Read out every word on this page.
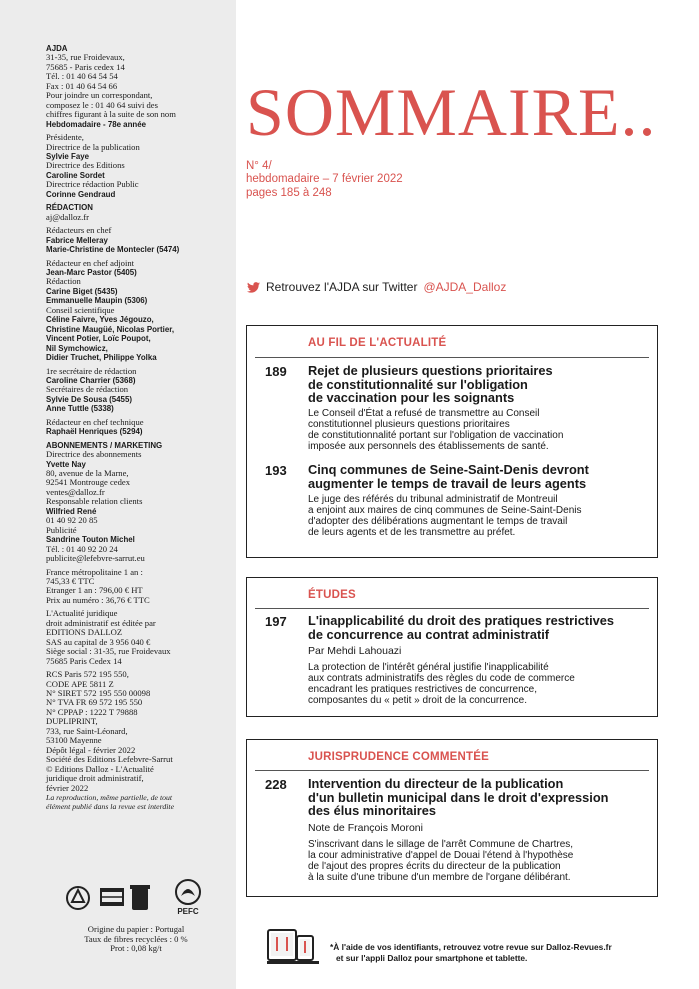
AJDA
31-35, rue Froidevaux,
75685 - Paris cedex 14
Tél. : 01 40 64 54 54
Fax : 01 40 64 54 66
Pour joindre un correspondant,
composez le : 01 40 64 suivi des
chiffres figurant à la suite de son nom
Hebdomadaire - 78e année
Présidente,
Directrice de la publication
Sylvie Faye
Directrice des Editions
Caroline Sordet
Directrice rédaction Public
Corinne Gendraud
RÉDACTION
aj@dalloz.fr
Rédacteurs en chef
Fabrice Melleray
Marie-Christine de Montecler (5474)
Rédacteur en chef adjoint
Jean-Marc Pastor (5405)
Rédaction
Carine Biget (5435)
Emmanuelle Maupin (5306)
Conseil scientifique
Céline Faivre, Yves Jégouzo,
Christine Maugüé, Nicolas Portier,
Vincent Potier, Loïc Poupot,
Nil Symchowicz,
Didier Truchet, Philippe Yolka
1re secrétaire de rédaction
Caroline Charrier (5368)
Secrétaires de rédaction
Sylvie De Sousa (5455)
Anne Tuttle (5338)
Rédacteur en chef technique
Raphaël Henriques (5294)
ABONNEMENTS / MARKETING
Directrice des abonnements
Yvette Nay
80, avenue de la Marne,
92541 Montrouge cedex
ventes@dalloz.fr
Responsable relation clients
Wilfried René
01 40 92 20 85
Publicité
Sandrine Touton Michel
Tél. : 01 40 92 20 24
publicite@lefebvre-sarrut.eu
France métropolitaine 1 an :
745,33 € TTC
Etranger 1 an : 796,00 € HT
Prix au numéro : 36,76 € TTC
L'Actualité juridique
droit administratif est éditée par
EDITIONS DALLOZ
SAS au capital de 3 956 040 €
Siège social : 31-35, rue Froidevaux
75685 Paris Cedex 14
RCS Paris 572 195 550,
CODE APE 5811 Z
N° SIRET 572 195 550 00098
N° TVA FR 69 572 195 550
N° CPPAP : 1222 T 79888
DUPLIPRINT,
733, rue Saint-Léonard,
53100 Mayenne
Dépôt légal - février 2022
Société des Editions Lefebvre-Sarrut
© Editions Dalloz - L'Actualité
juridique droit administratif,
février 2022
La reproduction, même partielle, de tout
élément publié dans la revue est interdite
PEFC
Origine du papier : Portugal
Taux de fibres recyclées : 0 %
Prot : 0,08 kg/t
SOMMAIRE..
N° 4/
hebdomadaire – 7 février 2022
pages 185 à 248
Retrouvez l'AJDA sur Twitter @AJDA_Dalloz
AU FIL DE L'ACTUALITÉ
189 Rejet de plusieurs questions prioritaires
de constitutionnalité sur l'obligation
de vaccination pour les soignants
Le Conseil d'État a refusé de transmettre au Conseil
constitutionnel plusieurs questions prioritaires
de constitutionnalité portant sur l'obligation de vaccination
imposée aux personnels des établissements de santé.
193 Cinq communes de Seine-Saint-Denis devront
augmenter le temps de travail de leurs agents
Le juge des référés du tribunal administratif de Montreuil
a enjoint aux maires de cinq communes de Seine-Saint-Denis
d'adopter des délibérations augmentant le temps de travail
de leurs agents et de les transmettre au préfet.
ÉTUDES
197 L'inapplicabilité du droit des pratiques restrictives
de concurrence au contrat administratif
Par Mehdi Lahouazi
La protection de l'intérêt général justifie l'inapplicabilité
aux contrats administratifs des règles du code de commerce
encadrant les pratiques restrictives de concurrence,
composantes du « petit » droit de la concurrence.
JURISPRUDENCE COMMENTÉE
228 Intervention du directeur de la publication
d'un bulletin municipal dans le droit d'expression
des élus minoritaires
Note de François Moroni
S'inscrivant dans le sillage de l'arrêt Commune de Chartres,
la cour administrative d'appel de Douai l'étend à l'hypothèse
de l'ajout des propres écrits du directeur de la publication
à la suite d'une tribune d'un membre de l'organe délibérant.
*À l'aide de vos identifiants, retrouvez votre revue sur Dalloz-Revues.fr
et sur l'appli Dalloz pour smartphone et tablette.
